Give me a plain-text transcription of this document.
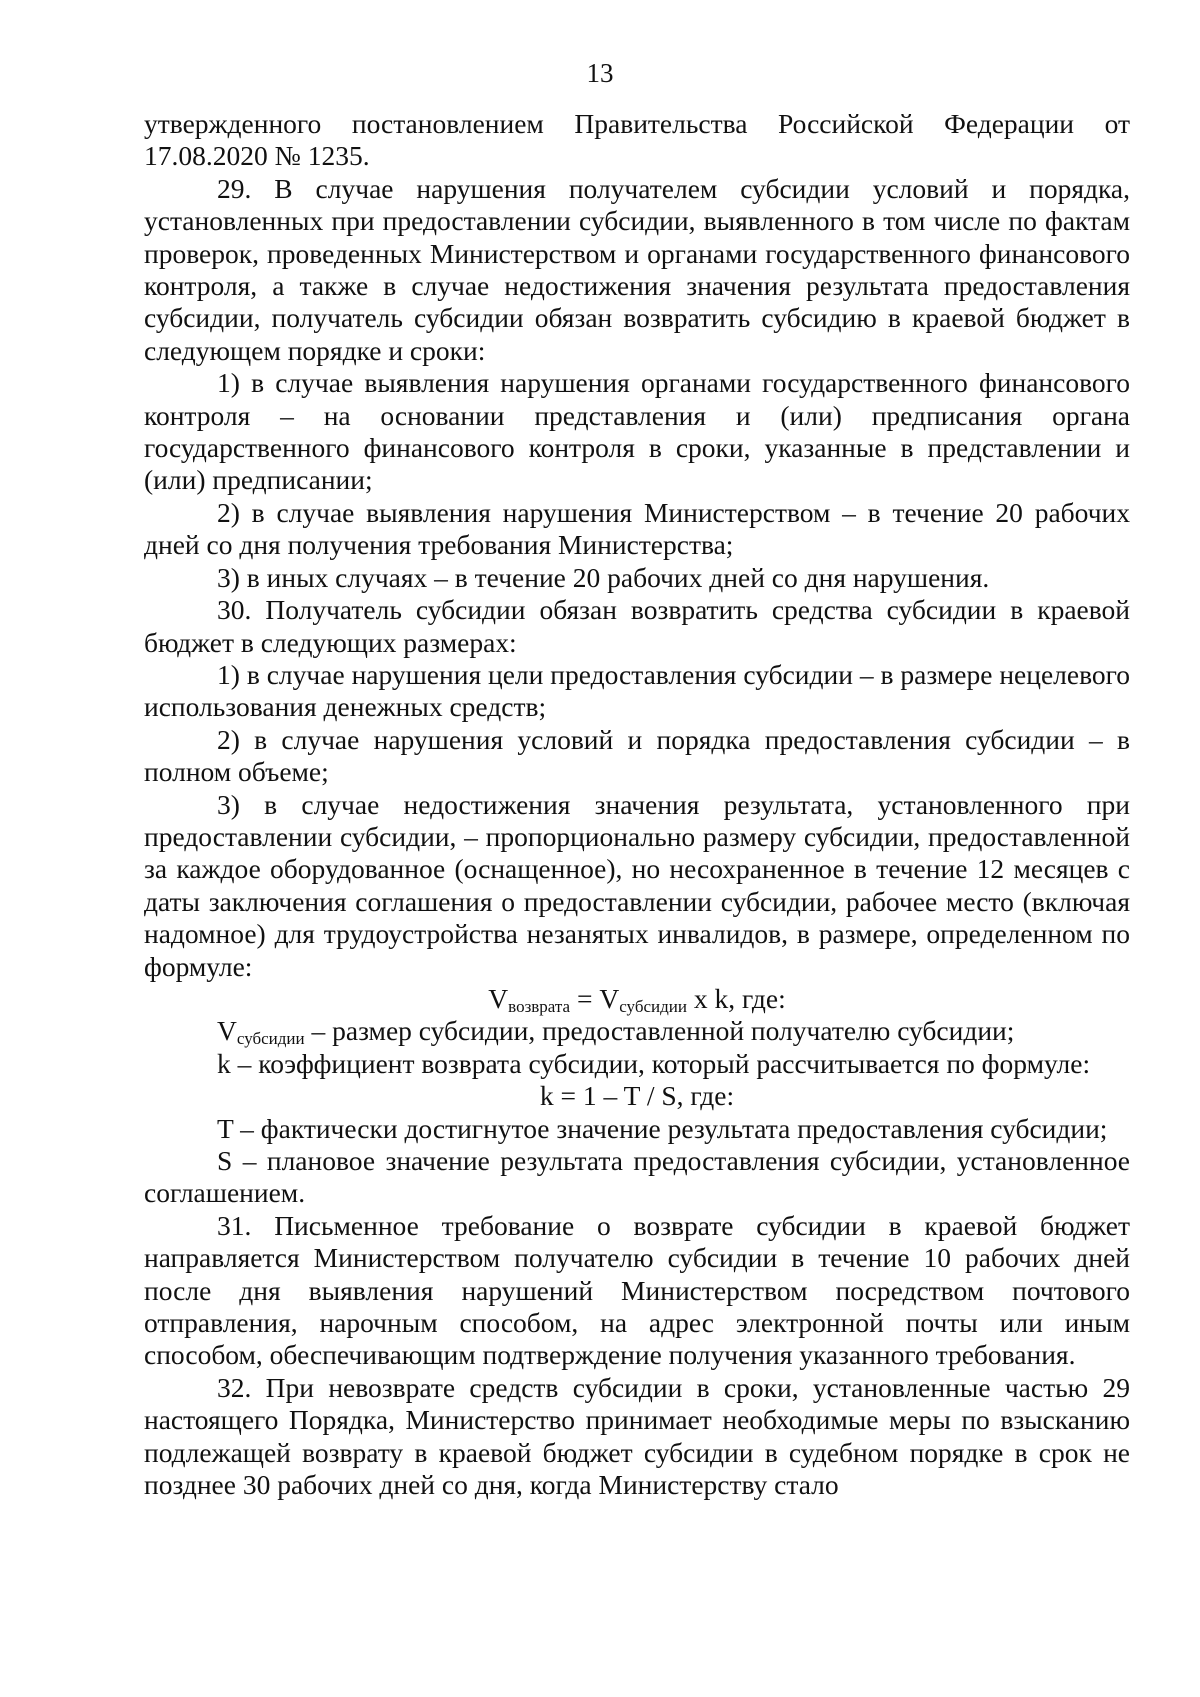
13

утвержденного постановлением Правительства Российской Федерации от 17.08.2020 № 1235.

29. В случае нарушения получателем субсидии условий и порядка, установленных при предоставлении субсидии, выявленного в том числе по фактам проверок, проведенных Министерством и органами государственного финансового контроля, а также в случае недостижения значения результата предоставления субсидии, получатель субсидии обязан возвратить субсидию в краевой бюджет в следующем порядке и сроки:

1) в случае выявления нарушения органами государственного финансового контроля – на основании представления и (или) предписания органа государственного финансового контроля в сроки, указанные в представлении и (или) предписании;

2) в случае выявления нарушения Министерством – в течение 20 рабочих дней со дня получения требования Министерства;

3) в иных случаях – в течение 20 рабочих дней со дня нарушения.

30. Получатель субсидии обязан возвратить средства субсидии в краевой бюджет в следующих размерах:

1) в случае нарушения цели предоставления субсидии – в размере нецелевого использования денежных средств;

2) в случае нарушения условий и порядка предоставления субсидии – в полном объеме;

3) в случае недостижения значения результата, установленного при предоставлении субсидии, – пропорционально размеру субсидии, предоставленной за каждое оборудованное (оснащенное), но несохраненное в течение 12 месяцев с даты заключения соглашения о предоставлении субсидии, рабочее место (включая надомное) для трудоустройства незанятых инвалидов, в размере, определенном по формуле:

$V_{возврата} = V_{субсидии}$ x k, где:

$V_{субсидии}$ – размер субсидии, предоставленной получателю субсидии;

k – коэффициент возврата субсидии, который рассчитывается по формуле:

k = 1 – T / S, где:

T – фактически достигнутое значение результата предоставления субсидии;

S – плановое значение результата предоставления субсидии, установленное соглашением.

31. Письменное требование о возврате субсидии в краевой бюджет направляется Министерством получателю субсидии в течение 10 рабочих дней после дня выявления нарушений Министерством посредством почтового отправления, нарочным способом, на адрес электронной почты или иным способом, обеспечивающим подтверждение получения указанного требования.

32. При невозврате средств субсидии в сроки, установленные частью 29 настоящего Порядка, Министерство принимает необходимые меры по взысканию подлежащей возврату в краевой бюджет субсидии в судебном порядке в срок не позднее 30 рабочих дней со дня, когда Министерству стало
